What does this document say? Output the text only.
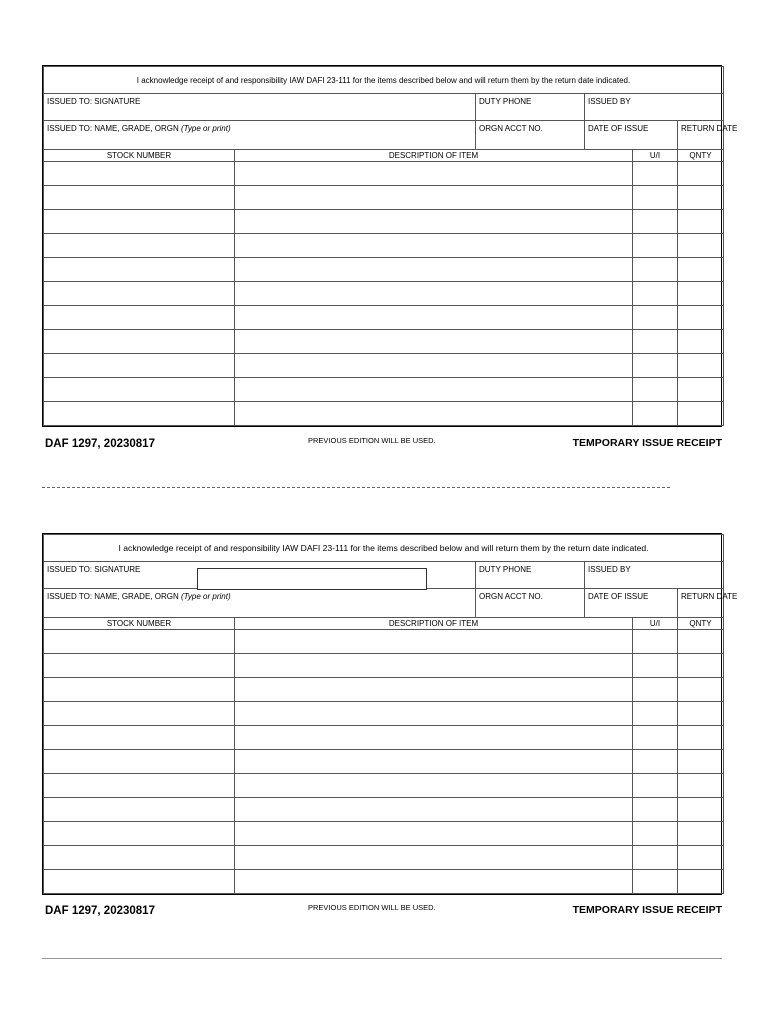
I acknowledge receipt of and responsibility IAW DAFI 23-111 for the items described below and will return them by the return date indicated.					

ISSUED TO: SIGNATURE		DUTY PHONE	ISSUED BY		

ISSUED TO: NAME, GRADE, ORGN (Type or print)		ORGN ACCT NO.	DATE OF ISSUE		RETURN DATE

STOCK NUMBER	DESCRIPTION OF ITEM			U/I	QNTY

DAF 1297, 20230817	PREVIOUS EDITION WILL BE USED.	TEMPORARY ISSUE RECEIPT
I acknowledge receipt of and responsibility IAW DAFI 23-111 for the items described below and will return them by the return date indicated.					

ISSUED TO: SIGNATURE		DUTY PHONE	ISSUED BY		

ISSUED TO: NAME, GRADE, ORGN (Type or print)		ORGN ACCT NO.	DATE OF ISSUE		RETURN DATE

STOCK NUMBER	DESCRIPTION OF ITEM			U/I	QNTY

DAF 1297, 20230817	PREVIOUS EDITION WILL BE USED.	TEMPORARY ISSUE RECEIPT
